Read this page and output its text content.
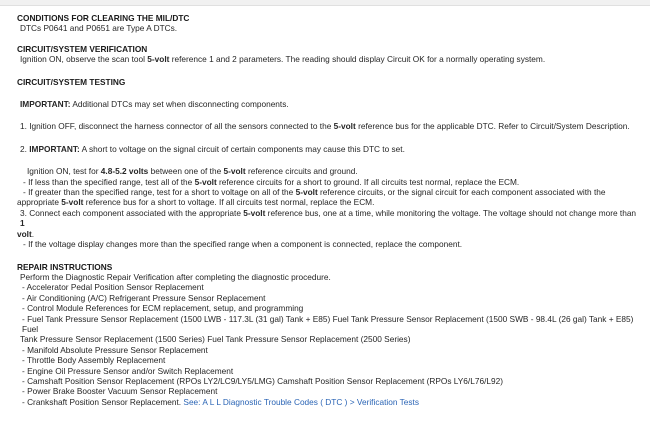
CONDITIONS FOR CLEARING THE MIL/DTC
DTCs P0641 and P0651 are Type A DTCs.
CIRCUIT/SYSTEM VERIFICATION
Ignition ON, observe the scan tool 5-volt reference 1 and 2 parameters. The reading should display Circuit OK for a normally operating system.
CIRCUIT/SYSTEM TESTING
IMPORTANT: Additional DTCs may set when disconnecting components.
1. Ignition OFF, disconnect the harness connector of all the sensors connected to the 5-volt reference bus for the applicable DTC. Refer to Circuit/System Description.
2. IMPORTANT: A short to voltage on the signal circuit of certain components may cause this DTC to set.
Ignition ON, test for 4.8-5.2 volts between one of the 5-volt reference circuits and ground.
- If less than the specified range, test all of the 5-volt reference circuits for a short to ground. If all circuits test normal, replace the ECM.
- If greater than the specified range, test for a short to voltage on all of the 5-volt reference circuits, or the signal circuit for each component associated with the
appropriate 5-volt reference bus for a short to voltage. If all circuits test normal, replace the ECM.
3. Connect each component associated with the appropriate 5-volt reference bus, one at a time, while monitoring the voltage. The voltage should not change more than 1
volt.
- If the voltage display changes more than the specified range when a component is connected, replace the component.
REPAIR INSTRUCTIONS
Perform the Diagnostic Repair Verification after completing the diagnostic procedure.
- Accelerator Pedal Position Sensor Replacement
- Air Conditioning (A/C) Refrigerant Pressure Sensor Replacement
- Control Module References for ECM replacement, setup, and programming
- Fuel Tank Pressure Sensor Replacement (1500 LWB - 117.3L (31 gal) Tank + E85) Fuel Tank Pressure Sensor Replacement (1500 SWB - 98.4L (26 gal) Tank + E85) Fuel
Tank Pressure Sensor Replacement (1500 Series) Fuel Tank Pressure Sensor Replacement (2500 Series)
- Manifold Absolute Pressure Sensor Replacement
- Throttle Body Assembly Replacement
- Engine Oil Pressure Sensor and/or Switch Replacement
- Camshaft Position Sensor Replacement (RPOs LY2/LC9/LY5/LMG) Camshaft Position Sensor Replacement (RPOs LY6/L76/L92)
- Power Brake Booster Vacuum Sensor Replacement
- Crankshaft Position Sensor Replacement. See: A L L Diagnostic Trouble Codes ( DTC ) > Verification Tests
